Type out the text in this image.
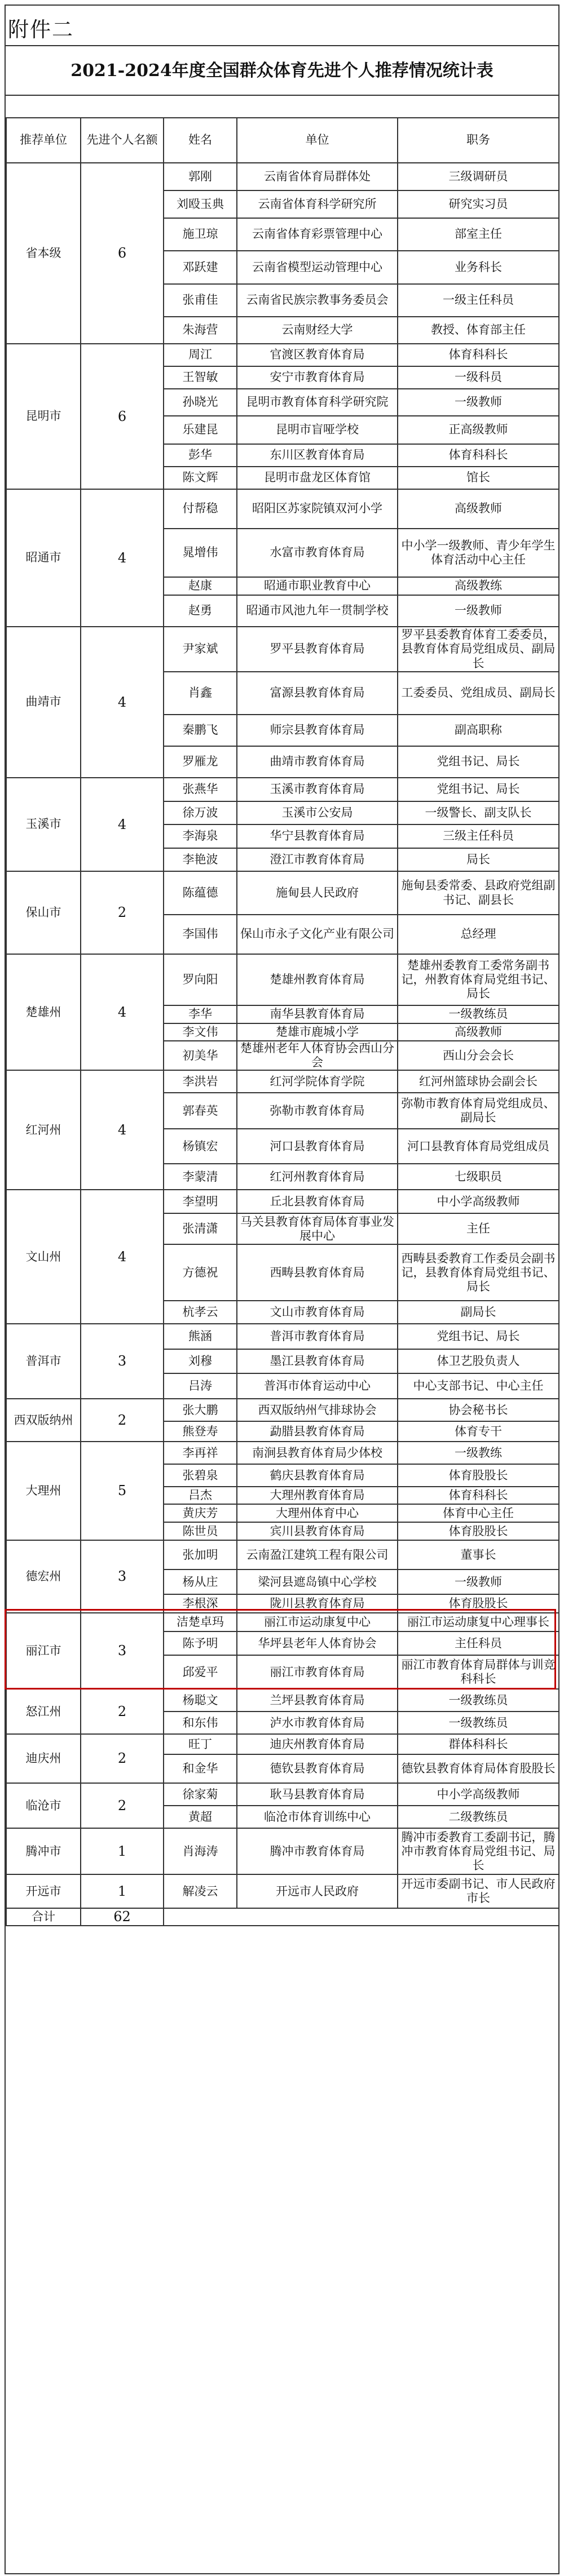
附件二
2021-2024年度全国群众体育先进个人推荐情况统计表
推荐单位	先进个人名额	姓名	单位	职务
省本级	6	郭刚	云南省体育局群体处	三级调研员
		刘殴玉典	云南省体育科学研究所	研究实习员
		施卫琼	云南省体育彩票管理中心	部室主任
		邓跃建	云南省模型运动管理中心	业务科长
		张甫佳	云南省民族宗教事务委员会	一级主任科员
		朱海营	云南财经大学	教授、体育部主任
昆明市	6	周江	官渡区教育体育局	体育科科长
		王智敏	安宁市教育体育局	一级科员
		孙晓光	昆明市教育体育科学研究院	一级教师
		乐建昆	昆明市盲哑学校	正高级教师
		彭华	东川区教育体育局	体育科科长
		陈文辉	昆明市盘龙区体育馆	馆长
昭通市	4	付帮稳	昭阳区苏家院镇双河小学	高级教师
		晁增伟	水富市教育体育局	中小学一级教师、青少年学生体育活动中心主任
		赵康	昭通市职业教育中心	高级教练
		赵勇	昭通市风池九年一贯制学校	一级教师
曲靖市	4	尹家斌	罗平县教育体育局	罗平县委教育体育工委委员，县教育体育局党组成员、副局长
		肖鑫	富源县教育体育局	工委委员、党组成员、副局长
		秦鹏飞	师宗县教育体育局	副高职称
		罗雁龙	曲靖市教育体育局	党组书记、局长
玉溪市	4	张燕华	玉溪市教育体育局	党组书记、局长
		徐万波	玉溪市公安局	一级警长、副支队长
		李海泉	华宁县教育体育局	三级主任科员
		李艳波	澄江市教育体育局	局长
保山市	2	陈蕴德	施甸县人民政府	施甸县委常委、县政府党组副书记、副县长
		李国伟	保山市永子文化产业有限公司	总经理
楚雄州	4	罗向阳	楚雄州教育体育局	楚雄州委教育工委常务副书记，州教育体育局党组书记、局长
		李华	南华县教育体育局	一级教练员
		李文伟	楚雄市鹿城小学	高级教师
		初美华	楚雄州老年人体育协会西山分会	西山分会会长
红河州	4	李洪岩	红河学院体育学院	红河州篮球协会副会长
		郭春英	弥勒市教育体育局	弥勒市教育体育局党组成员、副局长
		杨镇宏	河口县教育体育局	河口县教育体育局党组成员
		李蒙清	红河州教育体育局	七级职员
文山州	4	李望明	丘北县教育体育局	中小学高级教师
		张清潇	马关县教育体育局体育事业发展中心	主任
		方德祝	西畴县教育体育局	西畴县委教育工作委员会副书记，县教育体育局党组书记、局长
		杭孝云	文山市教育体育局	副局长
普洱市	3	熊涵	普洱市教育体育局	党组书记、局长
		刘穆	墨江县教育体育局	体卫艺股负责人
		吕涛	普洱市体育运动中心	中心支部书记、中心主任
西双版纳州	2	张大鹏	西双版纳州气排球协会	协会秘书长
		熊登寿	勐腊县教育体育局	体育专干
大理州	5	李再祥	南涧县教育体育局少体校	一级教练
		张碧泉	鹤庆县教育体育局	体育股股长
		吕杰	大理州教育体育局	体育科科长
		黄庆芳	大理州体育中心	体育中心主任
		陈世员	宾川县教育体育局	体育股股长
德宏州	3	张加明	云南盈江建筑工程有限公司	董事长
		杨从庄	梁河县遮岛镇中心学校	一级教师
		李根深	陇川县教育体育局	体育股股长
丽江市	3	洁楚卓玛	丽江市运动康复中心	丽江市运动康复中心理事长
		陈予明	华坪县老年人体育协会	主任科员
		邱爱平	丽江市教育体育局	丽江市教育体育局群体与训竞科科长
怒江州	2	杨聪文	兰坪县教育体育局	一级教练员
		和东伟	泸水市教育体育局	一级教练员
迪庆州	2	旺丁	迪庆州教育体育局	群体科科长
		和金华	德钦县教育体育局	德钦县教育体育局体育股股长
临沧市	2	徐家菊	耿马县教育体育局	中小学高级教师
		黄超	临沧市体育训练中心	二级教练员
腾冲市	1	肖海涛	腾冲市教育体育局	腾冲市委教育工委副书记，腾冲市教育体育局党组书记、局长
开远市	1	解凌云	开远市人民政府	开远市委副书记、市人民政府市长
合计	62			
